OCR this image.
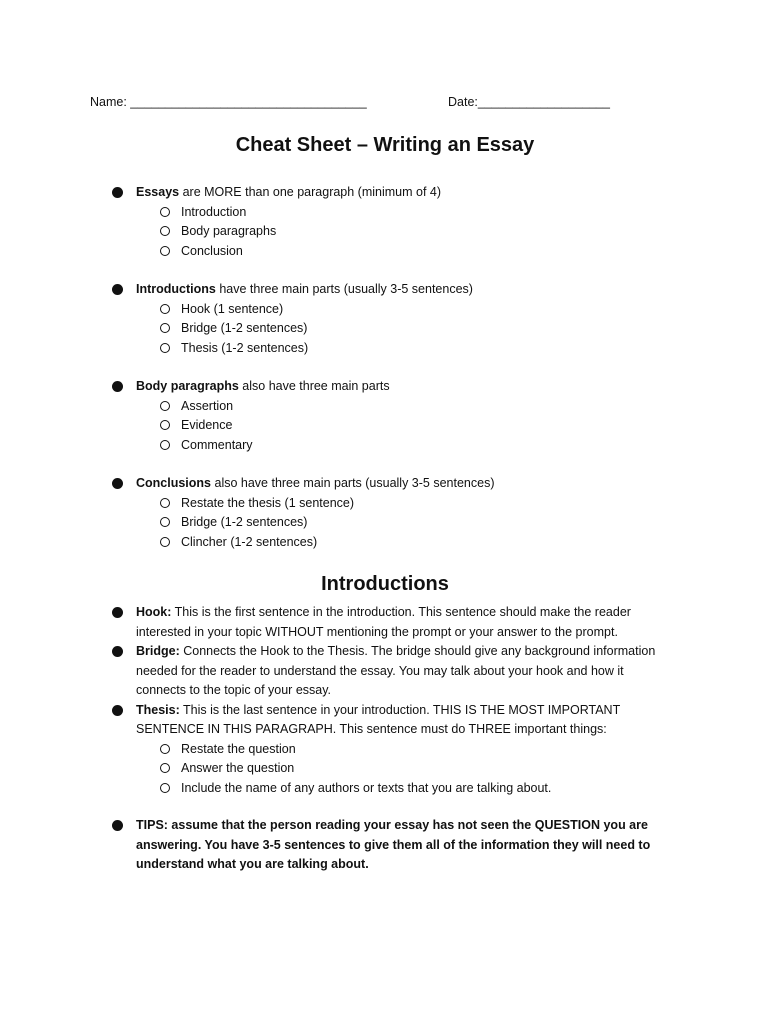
Name: __________________________________	Date:___________________
Cheat Sheet – Writing an Essay
Essays are MORE than one paragraph (minimum of 4)
Introduction
Body paragraphs
Conclusion
Introductions have three main parts (usually 3-5 sentences)
Hook (1 sentence)
Bridge (1-2 sentences)
Thesis (1-2 sentences)
Body paragraphs also have three main parts
Assertion
Evidence
Commentary
Conclusions also have three main parts (usually 3-5 sentences)
Restate the thesis (1 sentence)
Bridge (1-2 sentences)
Clincher (1-2 sentences)
Introductions
Hook: This is the first sentence in the introduction. This sentence should make the reader
interested in your topic WITHOUT mentioning the prompt or your answer to the prompt.
Bridge: Connects the Hook to the Thesis. The bridge should give any background information
needed for the reader to understand the essay. You may talk about your hook and how it
connects to the topic of your essay.
Thesis: This is the last sentence in your introduction. THIS IS THE MOST IMPORTANT
SENTENCE IN THIS PARAGRAPH. This sentence must do THREE important things:
Restate the question
Answer the question
Include the name of any authors or texts that you are talking about.
TIPS: assume that the person reading your essay has not seen the QUESTION you are
answering. You have 3-5 sentences to give them all of the information they will need to
understand what you are talking about.
